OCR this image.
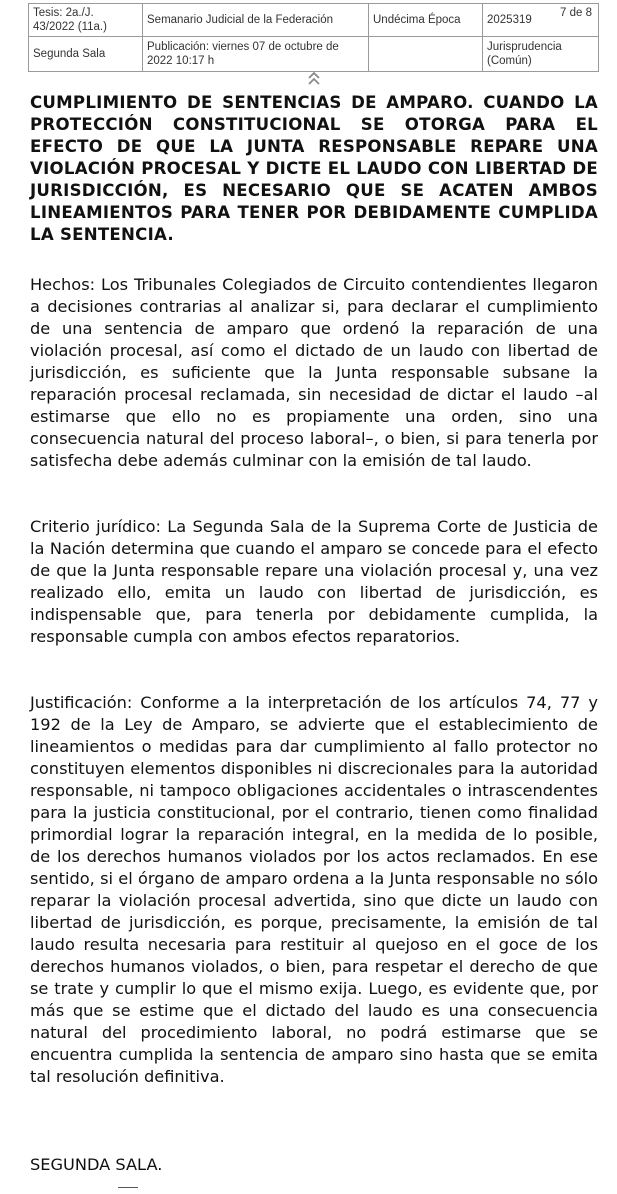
Tesis: 2a./J. 43/2022 (11a.)	Semanario Judicial de la Federación	Undécima Época	2025319
7 de 8

Segunda Sala	Publicación: viernes 07 de octubre de 2022 10:17 h		Jurisprudencia (Común)
CUMPLIMIENTO DE SENTENCIAS DE AMPARO. CUANDO LA PROTECCIÓN CONSTITUCIONAL SE OTORGA PARA EL EFECTO DE QUE LA JUNTA RESPONSABLE REPARE UNA VIOLACIÓN PROCESAL Y DICTE EL LAUDO CON LIBERTAD DE JURISDICCIÓN, ES NECESARIO QUE SE ACATEN AMBOS LINEAMIENTOS PARA TENER POR DEBIDAMENTE CUMPLIDA LA SENTENCIA.

Hechos: Los Tribunales Colegiados de Circuito contendientes llegaron a decisiones contrarias al analizar si, para declarar el cumplimiento de una sentencia de amparo que ordenó la reparación de una violación procesal, así como el dictado de un laudo con libertad de jurisdicción, es suficiente que la Junta responsable subsane la reparación procesal reclamada, sin necesidad de dictar el laudo –al estimarse que ello no es propiamente una orden, sino una consecuencia natural del proceso laboral–, o bien, si para tenerla por satisfecha debe además culminar con la emisión de tal laudo.

Criterio jurídico: La Segunda Sala de la Suprema Corte de Justicia de la Nación determina que cuando el amparo se concede para el efecto de que la Junta responsable repare una violación procesal y, una vez realizado ello, emita un laudo con libertad de jurisdicción, es indispensable que, para tenerla por debidamente cumplida, la responsable cumpla con ambos efectos reparatorios.

Justificación: Conforme a la interpretación de los artículos 74, 77 y 192 de la Ley de Amparo, se advierte que el establecimiento de lineamientos o medidas para dar cumplimiento al fallo protector no constituyen elementos disponibles ni discrecionales para la autoridad responsable, ni tampoco obligaciones accidentales o intrascendentes para la justicia constitucional, por el contrario, tienen como finalidad primordial lograr la reparación integral, en la medida de lo posible, de los derechos humanos violados por los actos reclamados. En ese sentido, si el órgano de amparo ordena a la Junta responsable no sólo reparar la violación procesal advertida, sino que dicte un laudo con libertad de jurisdicción, es porque, precisamente, la emisión de tal laudo resulta necesaria para restituir al quejoso en el goce de los derechos humanos violados, o bien, para respetar el derecho de que se trate y cumplir lo que el mismo exija. Luego, es evidente que, por más que se estime que el dictado del laudo es una consecuencia natural del procedimiento laboral, no podrá estimarse que se encuentra cumplida la sentencia de amparo sino hasta que se emita tal resolución definitiva.

SEGUNDA SALA.
